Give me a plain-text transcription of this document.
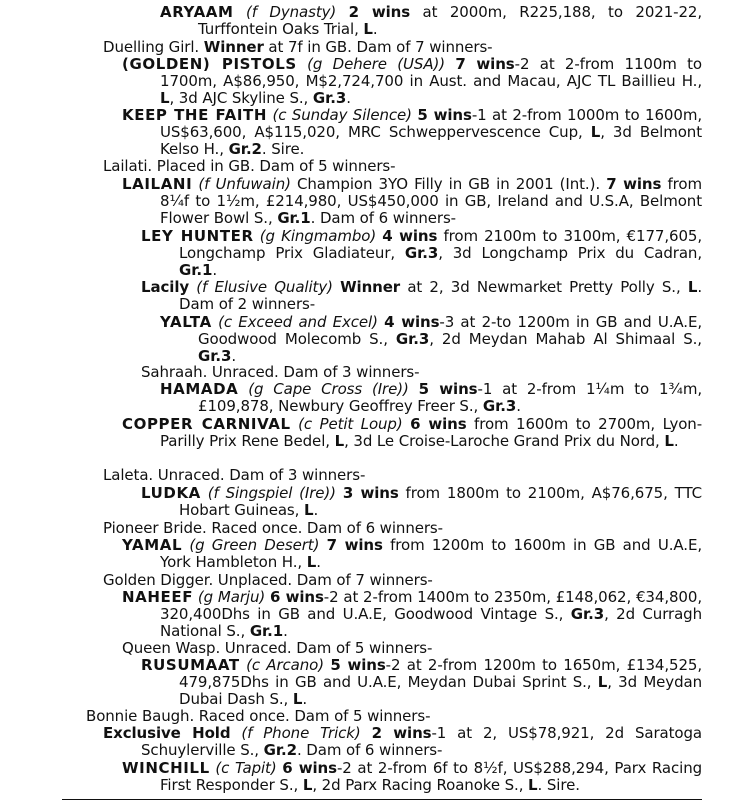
ARYAAM (f Dynasty) 2 wins at 2000m, R225,188, to 2021-22, Turffontein Oaks Trial, L.
Duelling Girl. Winner at 7f in GB. Dam of 7 winners-
(GOLDEN) PISTOLS (g Dehere (USA)) 7 wins-2 at 2-from 1100m to 1700m, A$86,950, M$2,724,700 in Aust. and Macau, AJC TL Baillieu H., L, 3d AJC Skyline S., Gr.3.
KEEP THE FAITH (c Sunday Silence) 5 wins-1 at 2-from 1000m to 1600m, US$63,600, A$115,020, MRC Schweppervescence Cup, L, 3d Belmont Kelso H., Gr.2. Sire.
Lailati. Placed in GB. Dam of 5 winners-
LAILANI (f Unfuwain) Champion 3YO Filly in GB in 2001 (Int.). 7 wins from 8¼f to 1½m, £214,980, US$450,000 in GB, Ireland and U.S.A, Belmont Flower Bowl S., Gr.1. Dam of 6 winners-
LEY HUNTER (g Kingmambo) 4 wins from 2100m to 3100m, €177,605, Longchamp Prix Gladiateur, Gr.3, 3d Longchamp Prix du Cadran, Gr.1.
Lacily (f Elusive Quality) Winner at 2, 3d Newmarket Pretty Polly S., L. Dam of 2 winners-
YALTA (c Exceed and Excel) 4 wins-3 at 2-to 1200m in GB and U.A.E, Goodwood Molecomb S., Gr.3, 2d Meydan Mahab Al Shimaal S., Gr.3.
Sahraah. Unraced. Dam of 3 winners-
HAMADA (g Cape Cross (Ire)) 5 wins-1 at 2-from 1¼m to 1¾m, £109,878, Newbury Geoffrey Freer S., Gr.3.
COPPER CARNIVAL (c Petit Loup) 6 wins from 1600m to 2700m, Lyon-Parilly Prix Rene Bedel, L, 3d Le Croise-Laroche Grand Prix du Nord, L.
Laleta. Unraced. Dam of 3 winners-
LUDKA (f Singspiel (Ire)) 3 wins from 1800m to 2100m, A$76,675, TTC Hobart Guineas, L.
Pioneer Bride. Raced once. Dam of 6 winners-
YAMAL (g Green Desert) 7 wins from 1200m to 1600m in GB and U.A.E, York Hambleton H., L.
Golden Digger. Unplaced. Dam of 7 winners-
NAHEEF (g Marju) 6 wins-2 at 2-from 1400m to 2350m, £148,062, €34,800, 320,400Dhs in GB and U.A.E, Goodwood Vintage S., Gr.3, 2d Curragh National S., Gr.1.
Queen Wasp. Unraced. Dam of 5 winners-
RUSUMAAT (c Arcano) 5 wins-2 at 2-from 1200m to 1650m, £134,525, 479,875Dhs in GB and U.A.E, Meydan Dubai Sprint S., L, 3d Meydan Dubai Dash S., L.
Bonnie Baugh. Raced once. Dam of 5 winners-
Exclusive Hold (f Phone Trick) 2 wins-1 at 2, US$78,921, 2d Saratoga Schuylerville S., Gr.2. Dam of 6 winners-
WINCHILL (c Tapit) 6 wins-2 at 2-from 6f to 8½f, US$288,294, Parx Racing First Responder S., L, 2d Parx Racing Roanoke S., L. Sire.
